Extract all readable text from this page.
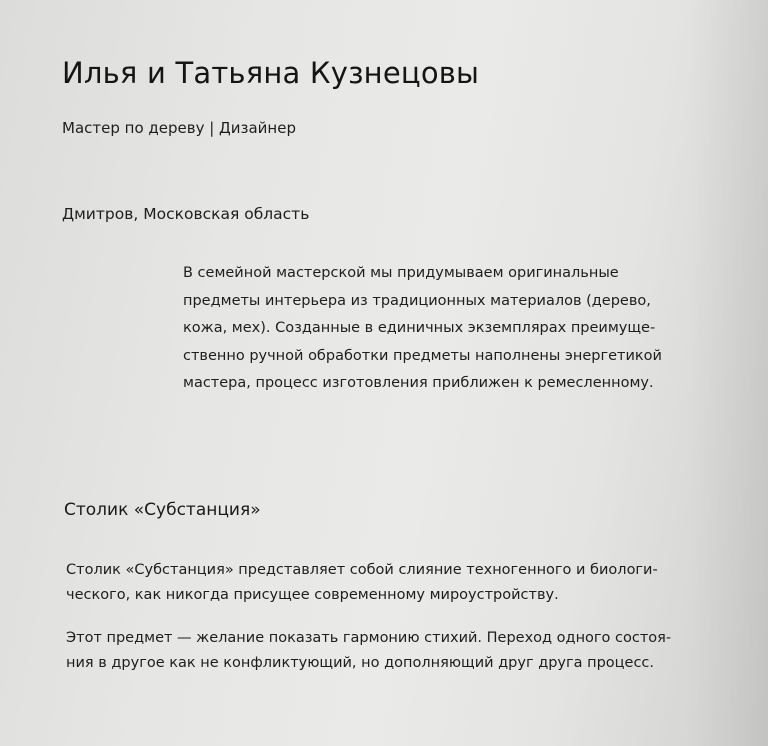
Илья и Татьяна Кузнецовы
Мастер по дереву | Дизайнер
Дмитров, Московская область

В семейной мастерской мы придумываем оригинальные
предметы интерьера из традиционных материалов (дерево,
кожа, мех). Созданные в единичных экземплярах преимуще-
ственно ручной обработки предметы наполнены энергетикой
мастера, процесс изготовления приближен к ремесленному.

Столик «Субстанция»

Столик «Субстанция» представляет собой слияние техногенного и биологи-
ческого, как никогда присущее современному мироустройству.

Этот предмет — желание показать гармонию стихий. Переход одного состоя-
ния в другое как не конфликтующий, но дополняющий друг друга процесс.
